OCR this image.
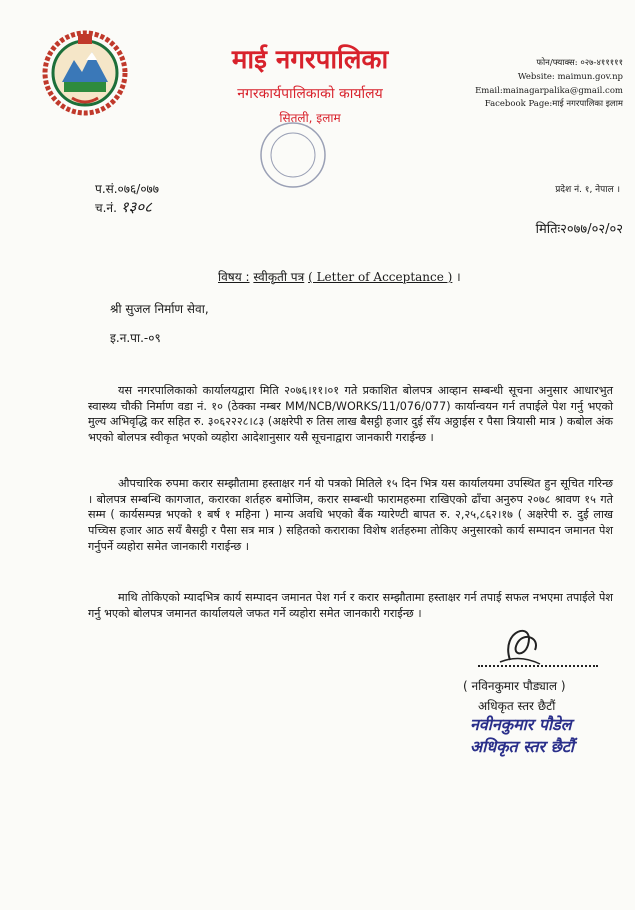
माई नगरपालिका
नगरकार्यपालिकाको कार्यालय
सितली, इलाम
फोन/फ्याक्स: ०२७-४१११११
Website: maimun.gov.np
Email:mainagarpalika@gmail.com
Facebook Page:माई नगरपालिका इलाम
प.सं.०७६/०७७
च.नं. १३०८
प्रदेश नं. १, नेपाल ।
मितिः२०७७/०२/०२
विषय : स्वीकृती पत्र ( Letter of Acceptance ) ।
श्री सुजल निर्माण सेवा,
इ.न.पा.-०९
यस नगरपालिकाको कार्यालयद्वारा मिति २०७६।११।०१ गते प्रकाशित बोलपत्र आव्हान सम्बन्धी सूचना अनुसार आधारभुत स्वास्थ्य चौकी निर्माण वडा नं. १० (ठेक्का नम्बर MM/NCB/WORKS/11/076/077) कार्यान्वयन गर्न तपाईले पेश गर्नु भएको मुल्य अभिवृद्धि कर सहित रु. ३०६२२२८।८३ (अक्षरेपी रु तिस लाख बैसट्ठी हजार दुई सँय अठ्ठाईस र पैसा त्रियासी मात्र ) कबोल अंक भएको बोलपत्र स्वीकृत भएको व्यहोरा आदेशानुसार यसै सूचनाद्वारा जानकारी गराईन्छ ।
औपचारिक रुपमा करार सम्झौतामा हस्ताक्षर गर्न यो पत्रको मितिले १५ दिन भित्र यस कार्यालयमा उपस्थित हुन सूचित गरिन्छ । बोलपत्र सम्बन्धि कागजात, करारका शर्तहरु बमोजिम, करार सम्बन्धी फारामहरुमा राखिएको ढाँचा अनुरुप २०७८ श्रावण १५ गते सम्म ( कार्यसम्पन्न भएको १ बर्ष १ महिना ) मान्य अवधि भएको बैंक ग्यारेण्टी बापत रु. २,२५,८६२।१७ ( अक्षरेपी रु. दुई लाख पच्चिस हजार आठ सयँ बैसट्ठी र पैसा सत्र मात्र ) सहितको कराराका विशेष शर्तहरुमा तोकिए अनुसारको कार्य सम्पादन जमानत पेश गर्नुपर्ने व्यहोरा समेत जानकारी गराईन्छ ।
माथि तोकिएको म्यादभित्र कार्य सम्पादन जमानत पेश गर्न र करार सम्झौतामा हस्ताक्षर गर्न तपाई सफल नभएमा तपाईले पेश गर्नु भएको बोलपत्र जमानत कार्यालयले जफत गर्ने व्यहोरा समेत जानकारी गराईन्छ ।
( नविनकुमार पौड्याल )
अधिकृत स्तर छैटौं
नवीनकुमार पौडेल
अधिकृत स्तर छैटौं
